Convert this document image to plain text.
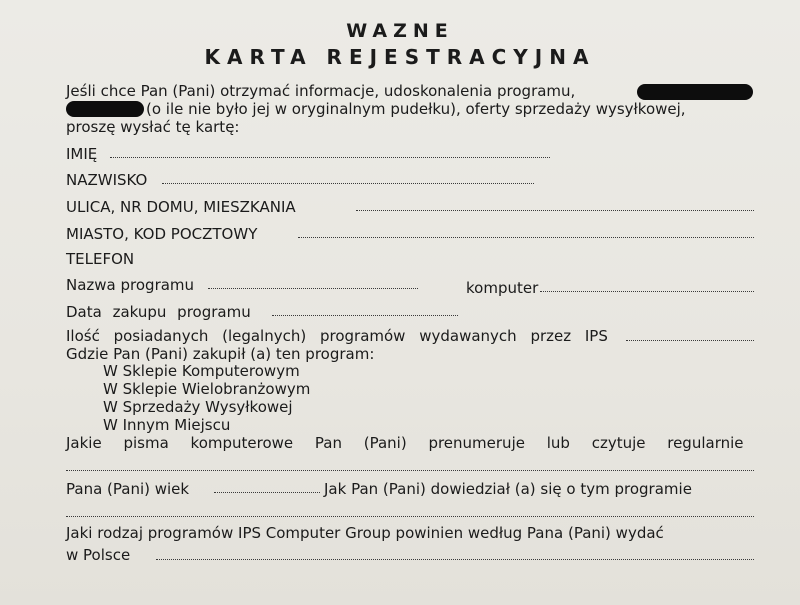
WAZNE
KARTA REJESTRACYJNA
Jeśli chce Pan (Pani) otrzymać informacje, udoskonalenia programu,
(o ile nie było jej w oryginalnym pudełku), oferty sprzedaży wysyłkowej,
proszę wysłać tę kartę:
IMIĘ
NAZWISKO
ULICA, NR DOMU, MIESZKANIA
MIASTO, KOD POCZTOWY
TELEFON
Nazwa programu	komputer
Data zakupu programu
Ilość posiadanych (legalnych) programów wydawanych przez IPS
Gdzie Pan (Pani) zakupił (a) ten program:
W Sklepie Komputerowym
W Sklepie Wielobranżowym
W Sprzedaży Wysyłkowej
W Innym Miejscu
Jakie pisma komputerowe Pan (Pani) prenumeruje lub czytuje regularnie
Pana (Pani) wiek	Jak Pan (Pani) dowiedział (a) się o tym programie
Jaki rodzaj programów IPS Computer Group powinien według Pana (Pani) wydać
w Polsce
